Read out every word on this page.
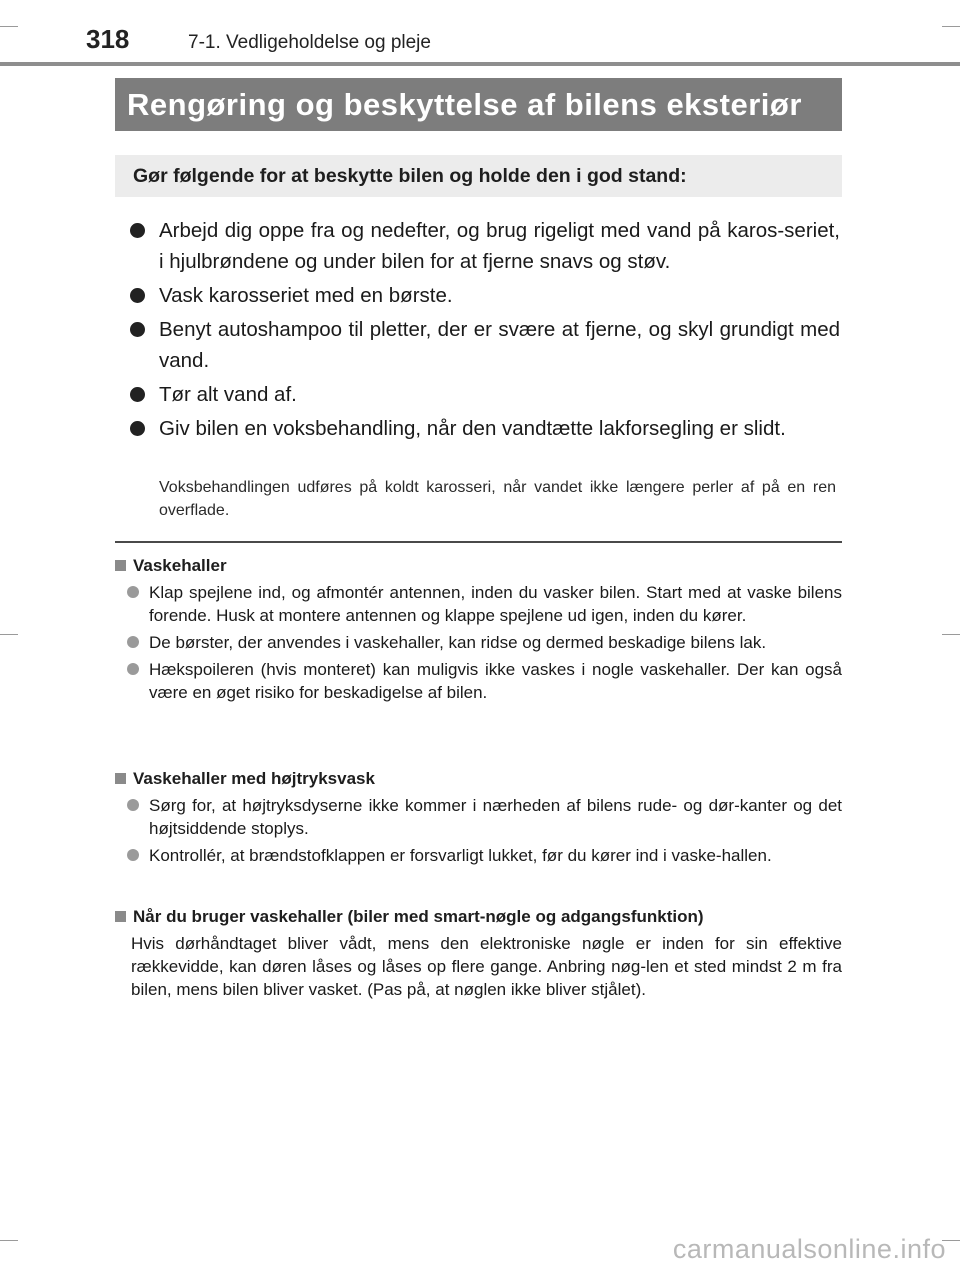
318	7-1. Vedligeholdelse og pleje
Rengøring og beskyttelse af bilens eksteriør
Gør følgende for at beskytte bilen og holde den i god stand:
Arbejd dig oppe fra og nedefter, og brug rigeligt med vand på karos-seriet, i hjulbrøndene og under bilen for at fjerne snavs og støv.
Vask karosseriet med en børste.
Benyt autoshampoo til pletter, der er svære at fjerne, og skyl grundigt med vand.
Tør alt vand af.
Giv bilen en voksbehandling, når den vandtætte lakforsegling er slidt.
Voksbehandlingen udføres på koldt karosseri, når vandet ikke længere perler af på en ren overflade.
Vaskehaller
Klap spejlene ind, og afmontér antennen, inden du vasker bilen. Start med at vaske bilens forende. Husk at montere antennen og klappe spejlene ud igen, inden du kører.
De børster, der anvendes i vaskehaller, kan ridse og dermed beskadige bilens lak.
Hækspoileren (hvis monteret) kan muligvis ikke vaskes i nogle vaskehaller. Der kan også være en øget risiko for beskadigelse af bilen.
Vaskehaller med højtryksvask
Sørg for, at højtryksdyserne ikke kommer i nærheden af bilens rude- og dør-kanter og det højtsiddende stoplys.
Kontrollér, at brændstofklappen er forsvarligt lukket, før du kører ind i vaske-hallen.
Når du bruger vaskehaller (biler med smart-nøgle og adgangsfunktion)
Hvis dørhåndtaget bliver vådt, mens den elektroniske nøgle er inden for sin effektive rækkevidde, kan døren låses og låses op flere gange. Anbring nøg-len et sted mindst 2 m fra bilen, mens bilen bliver vasket. (Pas på, at nøglen ikke bliver stjålet).
carmanualsonline.info
